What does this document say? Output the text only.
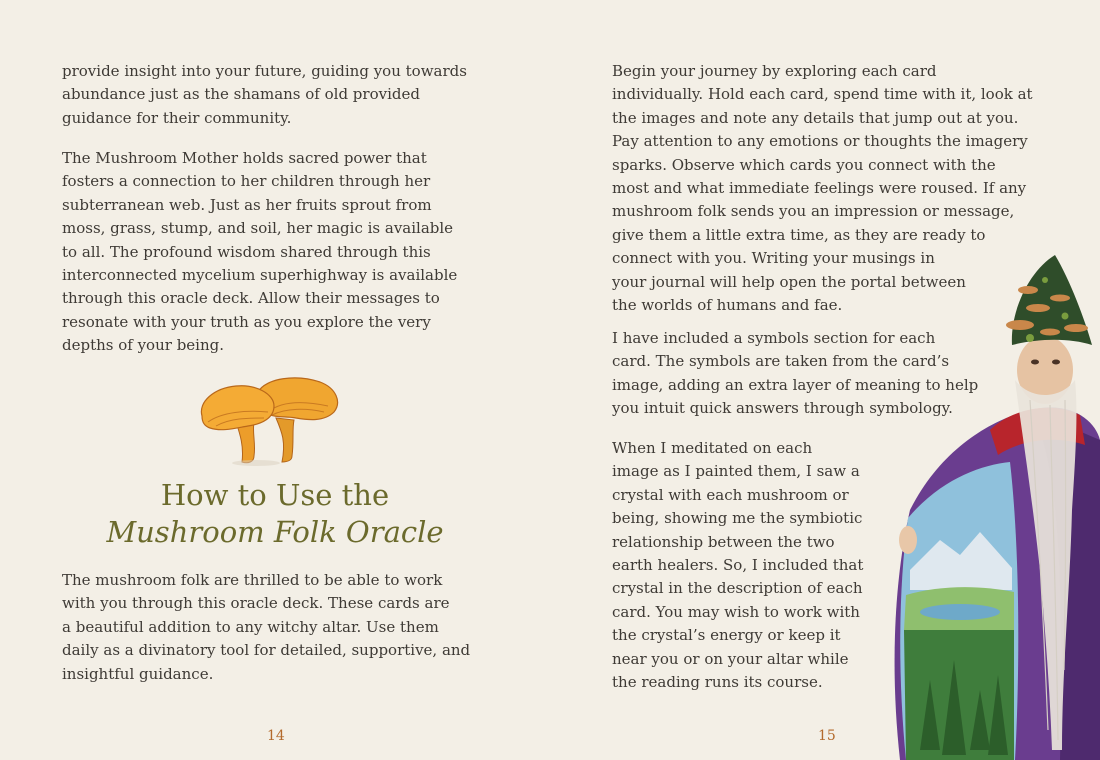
provide insight into your future, guiding you towards
abundance just as the shamans of old provided
guidance for their community.

The Mushroom Mother holds sacred power that
fosters a connection to her children through her
subterranean web. Just as her fruits sprout from
moss, grass, stump, and soil, her magic is available
to all. The profound wisdom shared through this
interconnected mycelium superhighway is available
through this oracle deck. Allow their messages to
resonate with your truth as you explore the very
depths of your being.

How to Use the
Mushroom Folk Oracle

The mushroom folk are thrilled to be able to work
with you through this oracle deck. These cards are
a beautiful addition to any witchy altar. Use them
daily as a divinatory tool for detailed, supportive, and
insightful guidance.

14

Begin your journey by exploring each card
individually. Hold each card, spend time with it, look at
the images and note any details that jump out at you.
Pay attention to any emotions or thoughts the imagery
sparks. Observe which cards you connect with the
most and what immediate feelings were roused. If any
mushroom folk sends you an impression or message,
give them a little extra time, as they are ready to
connect with you. Writing your musings in
your journal will help open the portal between
the worlds of humans and fae.

I have included a symbols section for each
card. The symbols are taken from the card’s
image, adding an extra layer of meaning to help
you intuit quick answers through symbology.

When I meditated on each
image as I painted them, I saw a
crystal with each mushroom or
being, showing me the symbiotic
relationship between the two
earth healers. So, I included that
crystal in the description of each
card. You may wish to work with
the crystal’s energy or keep it
near you or on your altar while
the reading runs its course.

15
